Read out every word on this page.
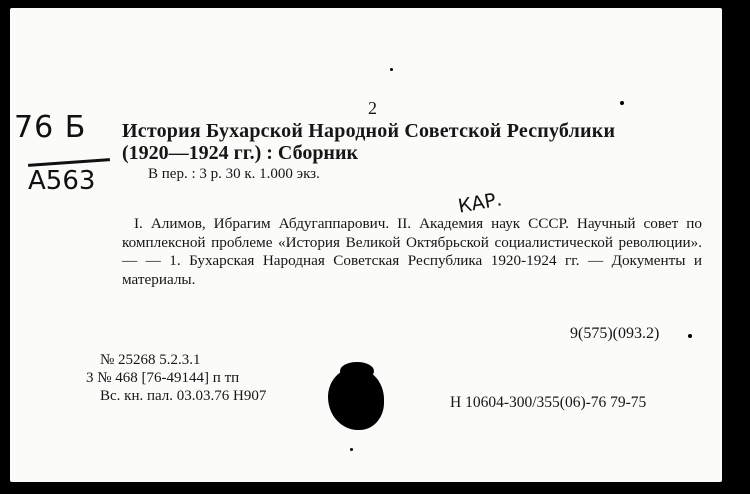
76 Б
А563
2
История Бухарской Народной Советской Республики
(1920—1924 гг.) : Сборник
В пер. : 3 р. 30 к. 1.000 экз.
КАР.
I. Алимов, Ибрагим Абдугаппарович. II. Академия наук СССР. Научный совет по комплексной проблеме «История Великой Октябрьской социалистической революции». — — 1. Бухарская Народная Советская Республика 1920-1924 гг. — Документы и материалы.
9(575)(093.2)
№ 25268 5.2.3.1
3 № 468 [76-49144] п тп
Вс. кн. пал. 03.03.76 Н907	Н 10604-300/355(06)-76 79-75
